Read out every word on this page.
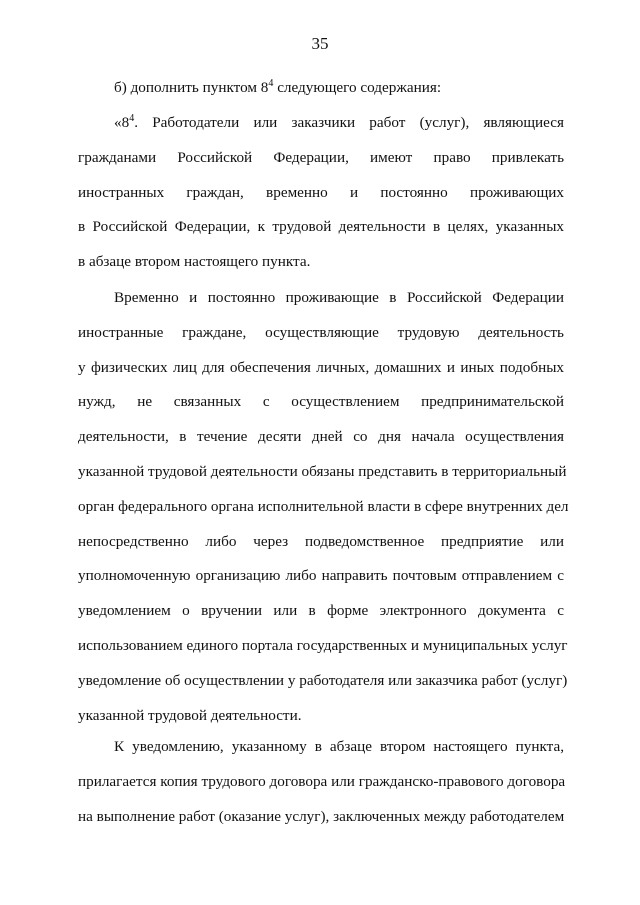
35
б) дополнить пунктом $8^4$ следующего содержания:
«$8^4$. Работодатели или заказчики работ (услуг), являющиеся
гражданами Российской Федерации, имеют право привлекать
иностранных граждан, временно и постоянно проживающих
в Российской Федерации, к трудовой деятельности в целях, указанных
в абзаце втором настоящего пункта.
Временно и постоянно проживающие в Российской Федерации
иностранные граждане, осуществляющие трудовую деятельность
у физических лиц для обеспечения личных, домашних и иных подобных
нужд, не связанных с осуществлением предпринимательской
деятельности, в течение десяти дней со дня начала осуществления
указанной трудовой деятельности обязаны представить в территориальный
орган федерального органа исполнительной власти в сфере внутренних дел
непосредственно либо через подведомственное предприятие или
уполномоченную организацию либо направить почтовым отправлением с
уведомлением о вручении или в форме электронного документа с
использованием единого портала государственных и муниципальных услуг
уведомление об осуществлении у работодателя или заказчика работ (услуг)
указанной трудовой деятельности.
К уведомлению, указанному в абзаце втором настоящего пункта,
прилагается копия трудового договора или гражданско-правового договора
на выполнение работ (оказание услуг), заключенных между работодателем
